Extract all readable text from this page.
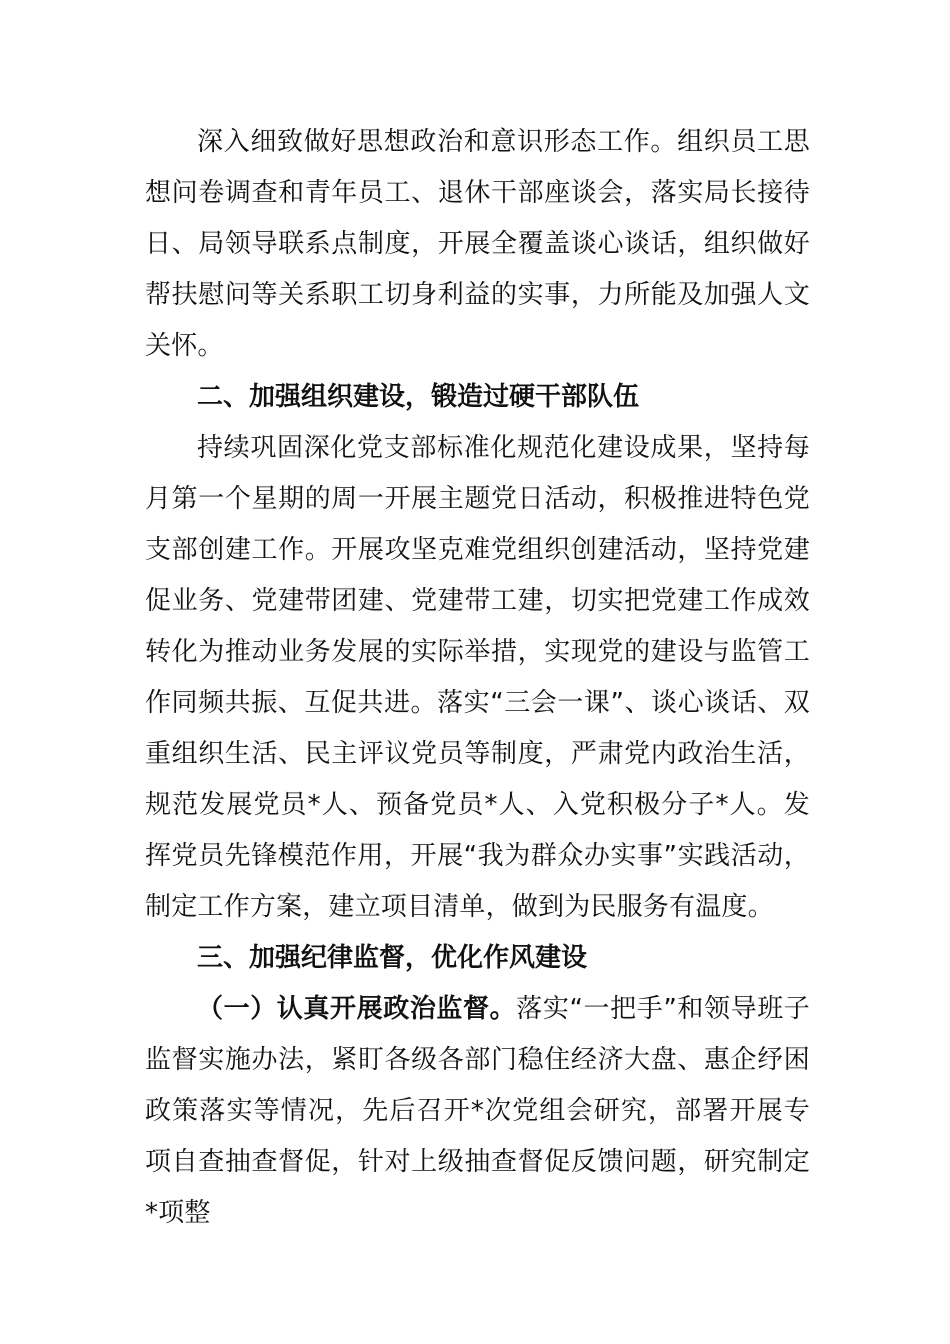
深入细致做好思想政治和意识形态工作。组织员工思想问卷调查和青年员工、退休干部座谈会，落实局长接待日、局领导联系点制度，开展全覆盖谈心谈话，组织做好帮扶慰问等关系职工切身利益的实事，力所能及加强人文关怀。

二、加强组织建设，锻造过硬干部队伍

持续巩固深化党支部标准化规范化建设成果，坚持每月第一个星期的周一开展主题党日活动，积极推进特色党支部创建工作。开展攻坚克难党组织创建活动，坚持党建促业务、党建带团建、党建带工建，切实把党建工作成效转化为推动业务发展的实际举措，实现党的建设与监管工作同频共振、互促共进。落实“三会一课”、谈心谈话、双重组织生活、民主评议党员等制度，严肃党内政治生活，规范发展党员*人、预备党员*人、入党积极分子*人。发挥党员先锋模范作用，开展“我为群众办实事”实践活动，制定工作方案，建立项目清单，做到为民服务有温度。

三、加强纪律监督，优化作风建设

（一）认真开展政治监督。落实“一把手”和领导班子监督实施办法，紧盯各级各部门稳住经济大盘、惠企纾困政策落实等情况，先后召开*次党组会研究，部署开展专项自查抽查督促，针对上级抽查督促反馈问题，研究制定*项整
